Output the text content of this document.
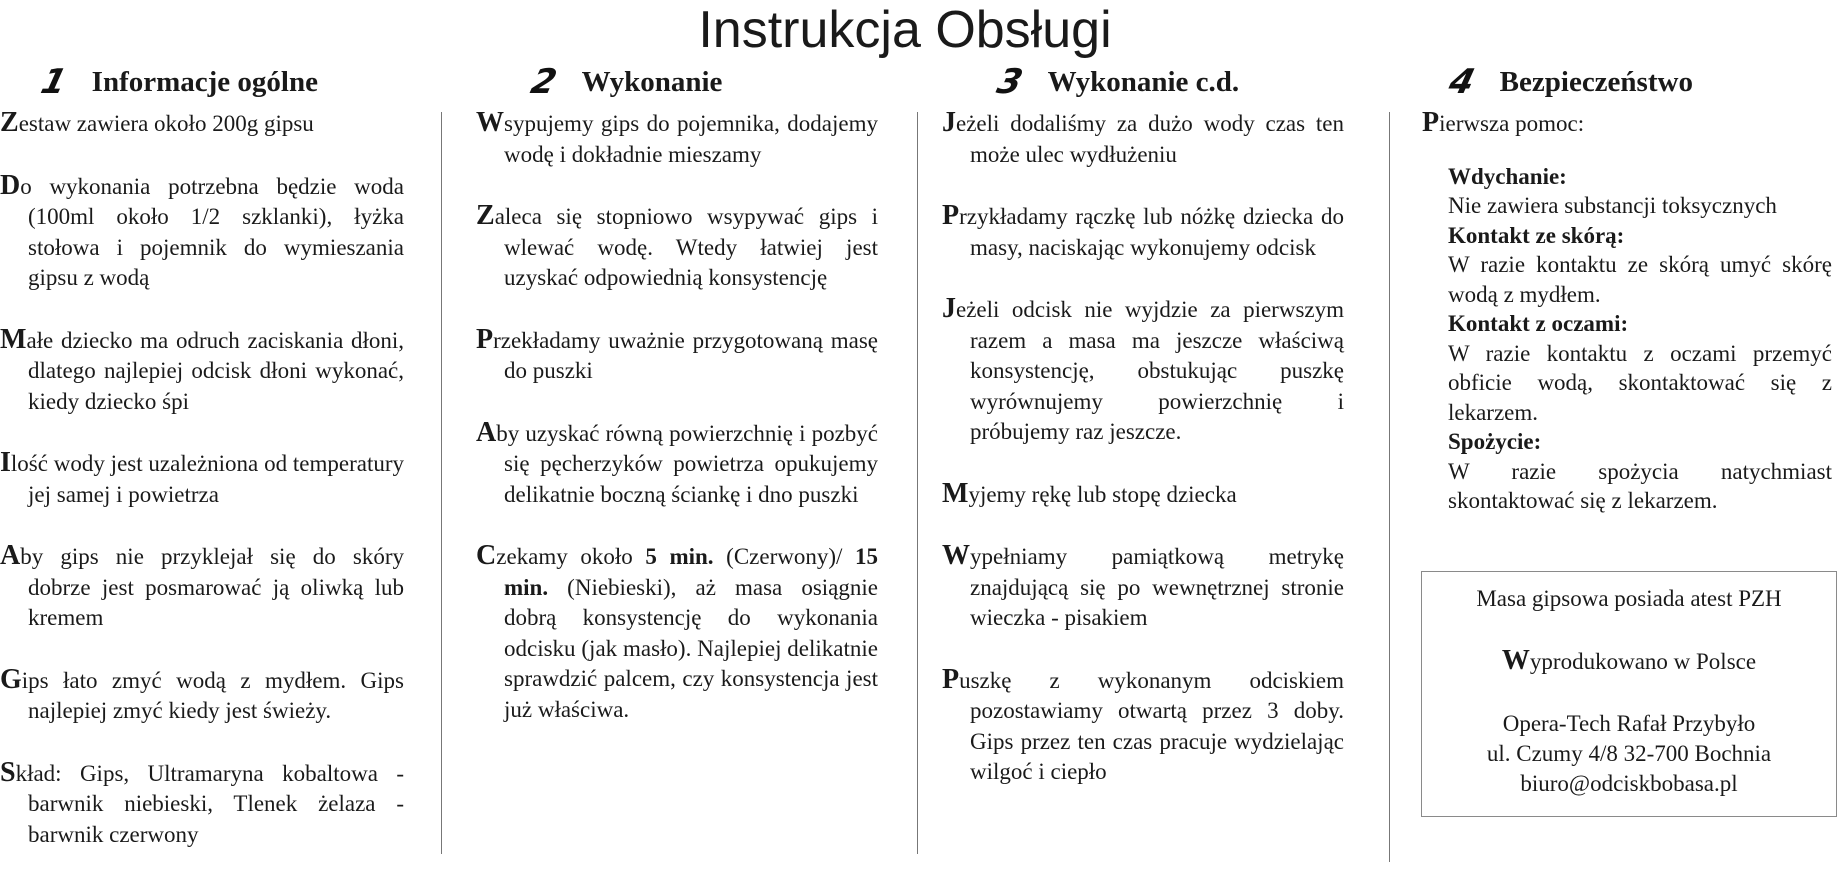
Instrukcja Obsługi
1 Informacje ogólne	2 Wykonanie	3 Wykonanie c.d.	4 Bezpieczeństwo

Zestaw zawiera około 200g gipsu

Do wykonania potrzebna będzie woda (100ml około 1/2 szklanki), łyżka stołowa i pojemnik do wymieszania gipsu z wodą

Małe dziecko ma odruch zaciskania dłoni, dlatego najlepiej odcisk dłoni wykonać, kiedy dziecko śpi

Ilość wody jest uzależniona od temperatury jej samej i powietrza

Aby gips nie przyklejał się do skóry dobrze jest posmarować ją oliwką lub kremem

Gips łato zmyć wodą z mydłem. Gips najlepiej zmyć kiedy jest świeży.

Skład: Gips, Ultramaryna kobaltowa - barwnik niebieski, Tlenek żelaza - barwnik czerwony

Wsypujemy gips do pojemnika, dodajemy wodę i dokładnie mieszamy

Zaleca się stopniowo wsypywać gips i wlewać wodę. Wtedy łatwiej jest uzyskać odpowiednią konsystencję

Przekładamy uważnie przygotowaną masę do puszki

Aby uzyskać równą powierzchnię i pozbyć się pęcherzyków powietrza opukujemy delikatnie boczną ściankę i dno puszki

Czekamy około 5 min. (Czerwony)/ 15 min. (Niebieski), aż masa osiągnie dobrą konsystencję do wykonania odcisku (jak masło). Najlepiej delikatnie sprawdzić palcem, czy konsystencja jest już właściwa.

Jeżeli dodaliśmy za dużo wody czas ten może ulec wydłużeniu

Przykładamy rączkę lub nóżkę dziecka do masy, naciskając wykonujemy odcisk

Jeżeli odcisk nie wyjdzie za pierwszym razem a masa ma jeszcze właściwą konsystencję, obstukując puszkę wyrównujemy powierzchnię i próbujemy raz jeszcze.

Myjemy rękę lub stopę dziecka

Wypełniamy pamiątkową metrykę znajdującą się po wewnętrznej stronie wieczka - pisakiem

Puszkę z wykonanym odciskiem pozostawiamy otwartą przez 3 doby. Gips przez ten czas pracuje wydzielając wilgoć i ciepło

Pierwsza pomoc:
Wdychanie:
Nie zawiera substancji toksycznych
Kontakt ze skórą:
W razie kontaktu ze skórą umyć skórę wodą z mydłem.
Kontakt z oczami:
W razie kontaktu z oczami przemyć obficie wodą, skontaktować się z lekarzem.
Spożycie:
W razie spożycia natychmiast skontaktować się z lekarzem.
Masa gipsowa posiada atest PZH
Wyprodukowano w Polsce
Opera-Tech Rafał Przybyło
ul. Czumy 4/8 32-700 Bochnia
biuro@odciskbobasa.pl
